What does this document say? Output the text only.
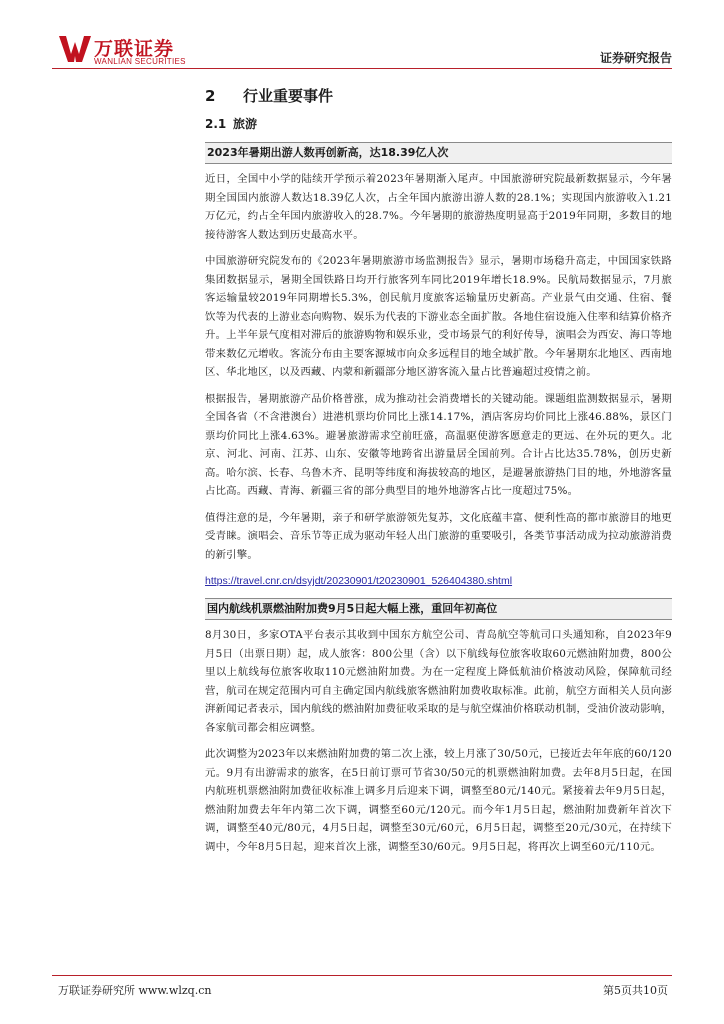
万联证券
WANLIAN SECURITIES	证券研究报告
2 行业重要事件
2.1 旅游
2023年暑期出游人数再创新高，达18.39亿人次

近日，全国中小学的陆续开学预示着2023年暑期渐入尾声。中国旅游研究院最新数据显示，今年暑期全国国内旅游人数达18.39亿人次，占全年国内旅游出游人数的28.1%；实现国内旅游收入1.21万亿元，约占全年国内旅游收入的28.7%。今年暑期的旅游热度明显高于2019年同期，多数目的地接待游客人数达到历史最高水平。

中国旅游研究院发布的《2023年暑期旅游市场监测报告》显示，暑期市场稳升高走，中国国家铁路集团数据显示，暑期全国铁路日均开行旅客列车同比2019年增长18.9%。民航局数据显示，7月旅客运输量较2019年同期增长5.3%，创民航月度旅客运输量历史新高。产业景气由交通、住宿、餐饮等为代表的上游业态向购物、娱乐为代表的下游业态全面扩散。各地住宿设施入住率和结算价格齐升。上半年景气度相对滞后的旅游购物和娱乐业，受市场景气的利好传导，演唱会为西安、海口等地带来数亿元增收。客流分布由主要客源城市向众多远程目的地全域扩散。今年暑期东北地区、西南地区、华北地区，以及西藏、内蒙和新疆部分地区游客流入量占比普遍超过疫情之前。

根据报告，暑期旅游产品价格普涨，成为推动社会消费增长的关键动能。课题组监测数据显示，暑期全国各省（不含港澳台）进港机票均价同比上涨14.17%，酒店客房均价同比上涨46.88%，景区门票均价同比上涨4.63%。避暑旅游需求空前旺盛，高温驱使游客愿意走的更远、在外玩的更久。北京、河北、河南、江苏、山东、安徽等地跨省出游量居全国前列。合计占比达35.78%，创历史新高。哈尔滨、长春、乌鲁木齐、昆明等纬度和海拔较高的地区，是避暑旅游热门目的地，外地游客量占比高。西藏、青海、新疆三省的部分典型目的地外地游客占比一度超过75%。

值得注意的是，今年暑期，亲子和研学旅游领先复苏，文化底蕴丰富、便利性高的都市旅游目的地更受青睐。演唱会、音乐节等正成为驱动年轻人出门旅游的重要吸引，各类节事活动成为拉动旅游消费的新引擎。

https://travel.cnr.cn/dsyjdt/20230901/t20230901_526404380.shtml
国内航线机票燃油附加费9月5日起大幅上涨，重回年初高位

8月30日，多家OTA平台表示其收到中国东方航空公司、青岛航空等航司口头通知称，自2023年9月5日（出票日期）起，成人旅客：800公里（含）以下航线每位旅客收取60元燃油附加费，800公里以上航线每位旅客收取110元燃油附加费。为在一定程度上降低航油价格波动风险，保障航司经营，航司在规定范围内可自主确定国内航线旅客燃油附加费收取标准。此前，航空方面相关人员向澎湃新闻记者表示，国内航线的燃油附加费征收采取的是与航空煤油价格联动机制，受油价波动影响，各家航司都会相应调整。

此次调整为2023年以来燃油附加费的第二次上涨，较上月涨了30/50元，已接近去年年底的60/120元。9月有出游需求的旅客，在5日前订票可节省30/50元的机票燃油附加费。去年8月5日起，在国内航班机票燃油附加费征收标准上调多月后迎来下调，调整至80元/140元。紧接着去年9月5日起，燃油附加费去年年内第二次下调，调整至60元/120元。而今年1月5日起，燃油附加费新年首次下调，调整至40元/80元，4月5日起，调整至30元/60元，6月5日起，调整至20元/30元，在持续下调中，今年8月5日起，迎来首次上涨，调整至30/60元。9月5日起，将再次上调至60元/110元。

万联证券研究所 www.wlzq.cn	第5页共10页
